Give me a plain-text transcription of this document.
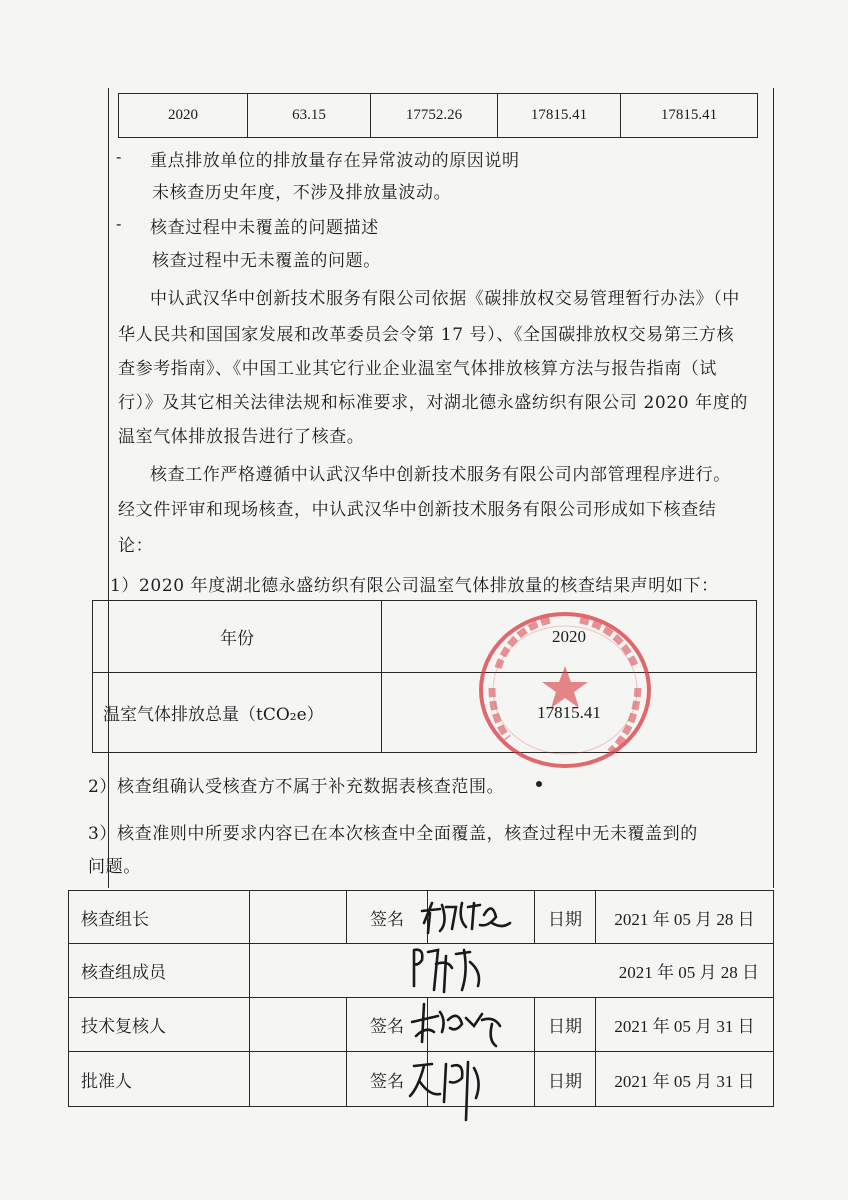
2020	63.15	17752.26	17815.41	17815.41
- 重点排放单位的排放量存在异常波动的原因说明
未核查历史年度，不涉及排放量波动。
- 核查过程中未覆盖的问题描述
核查过程中无未覆盖的问题。
中认武汉华中创新技术服务有限公司依据《碳排放权交易管理暂行办法》（中
华人民共和国国家发展和改革委员会令第 17 号）、《全国碳排放权交易第三方核
查参考指南》、《中国工业其它行业企业温室气体排放核算方法与报告指南（试
行）》及其它相关法律法规和标准要求，对湖北德永盛纺织有限公司 2020 年度的
温室气体排放报告进行了核查。
核查工作严格遵循中认武汉华中创新技术服务有限公司内部管理程序进行。
经文件评审和现场核查，中认武汉华中创新技术服务有限公司形成如下核查结
论：
1）2020 年度湖北德永盛纺织有限公司温室气体排放量的核查结果声明如下：
年份	2020
温室气体排放总量（tCO₂e）	17815.41
2）核查组确认受核查方不属于补充数据表核查范围。
3）核查准则中所要求内容已在本次核查中全面覆盖，核查过程中无未覆盖到的
问题。
核查组长		签名		日期	2021 年 05 月 28 日
核查组成员					2021 年 05 月 28 日
技术复核人		签名		日期	2021 年 05 月 31 日
批准人		签名		日期	2021 年 05 月 31 日
